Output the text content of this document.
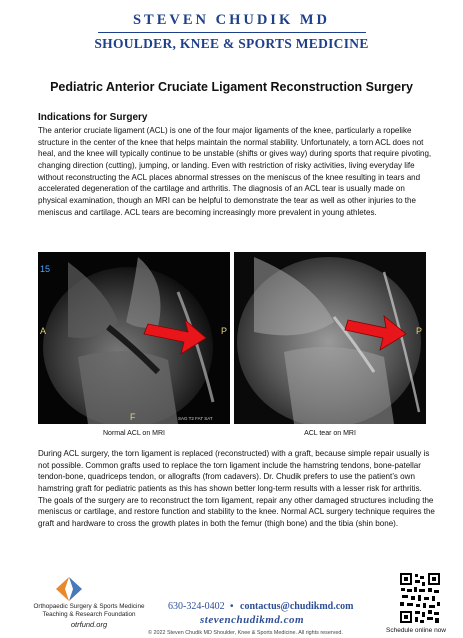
STEVEN CHUDIK MD
SHOULDER, KNEE & SPORTS MEDICINE
Pediatric Anterior Cruciate Ligament Reconstruction Surgery
Indications for Surgery
The anterior cruciate ligament (ACL) is one of the four major ligaments of the knee, particularly a ropelike structure in the center of the knee that helps maintain the normal stability. Unfortunately, a torn ACL does not heal, and the knee will typically continue to be unstable (shifts or gives way) during sports that require pivoting, changing direction (cutting), jumping, or landing. Even with restriction of risky activities, living everyday life without reconstructing the ACL places abnormal stresses on the meniscus of the knee resulting in tears and accelerated degeneration of the cartilage and arthritis. The diagnosis of an ACL tear is usually made on physical examination, though an MRI can be helpful to demonstrate the tear as well as other injuries to the meniscus and cartilage. ACL tears are becoming increasingly more prevalent in young athletes.
15
A	P
F	SAG T2 FAT SAT
Normal ACL on MRI
P
ACL tear on MRI
During ACL surgery, the torn ligament is replaced (reconstructed) with a graft, because simple repair usually is not possible. Common grafts used to replace the torn ligament include the hamstring tendons, bone-patellar tendon-bone, quadriceps tendon, or allografts (from cadavers). Dr. Chudik prefers to use the patient’s own hamstring graft for pediatric patients as this has shown better long-term results with a lesser risk for arthritis. The goals of the surgery are to reconstruct the torn ligament, repair any other damaged structures including the meniscus or cartilage, and restore function and stability to the knee. Normal ACL surgery technique requires the graft and hardware to cross the growth plates in both the femur (thigh bone) and the tibia (shin bone).
Orthopaedic Surgery & Sports Medicine
Teaching & Research Foundation
otrfund.org
630-324-0402 • contactus@chudikmd.com
stevenchudikmd.com
© 2022 Steven Chudik MD Shoulder, Knee & Sports Medicine. All rights reserved.	Schedule online now
